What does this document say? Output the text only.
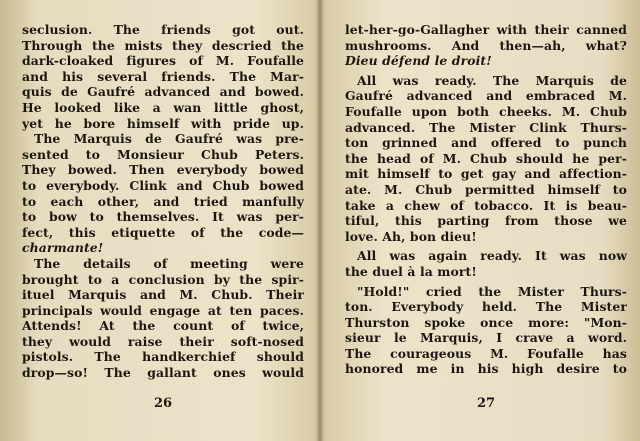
seclusion. The friends got out.
Through the mists they descried the
dark-cloaked figures of M. Foufalle
and his several friends. The Mar-
quis de Gaufré advanced and bowed.
He looked like a wan little ghost,
yet he bore himself with pride up.
The Marquis de Gaufré was pre-
sented to Monsieur Chub Peters.
They bowed. Then everybody bowed
to everybody. Clink and Chub bowed
to each other, and tried manfully
to bow to themselves. It was per-
fect, this etiquette of the code—
charmante!
The details of meeting were
brought to a conclusion by the spir-
ituel Marquis and M. Chub. Their
principals would engage at ten paces.
Attends! At the count of twice,
they would raise their soft-nosed
pistols. The handkerchief should
drop—so! The gallant ones would
26
let-her-go-Gallagher with their canned
mushrooms. And then—ah, what?
Dieu défend le droit!
All was ready. The Marquis de
Gaufré advanced and embraced M.
Foufalle upon both cheeks. M. Chub
advanced. The Mister Clink Thurs-
ton grinned and offered to punch
the head of M. Chub should he per-
mit himself to get gay and affection-
ate. M. Chub permitted himself to
take a chew of tobacco. It is beau-
tiful, this parting from those we
love. Ah, bon dieu!
All was again ready. It was now
the duel à la mort!
"Hold!" cried the Mister Thurs-
ton. Everybody held. The Mister
Thurston spoke once more: "Mon-
sieur le Marquis, I crave a word.
The courageous M. Foufalle has
honored me in his high desire to
27
